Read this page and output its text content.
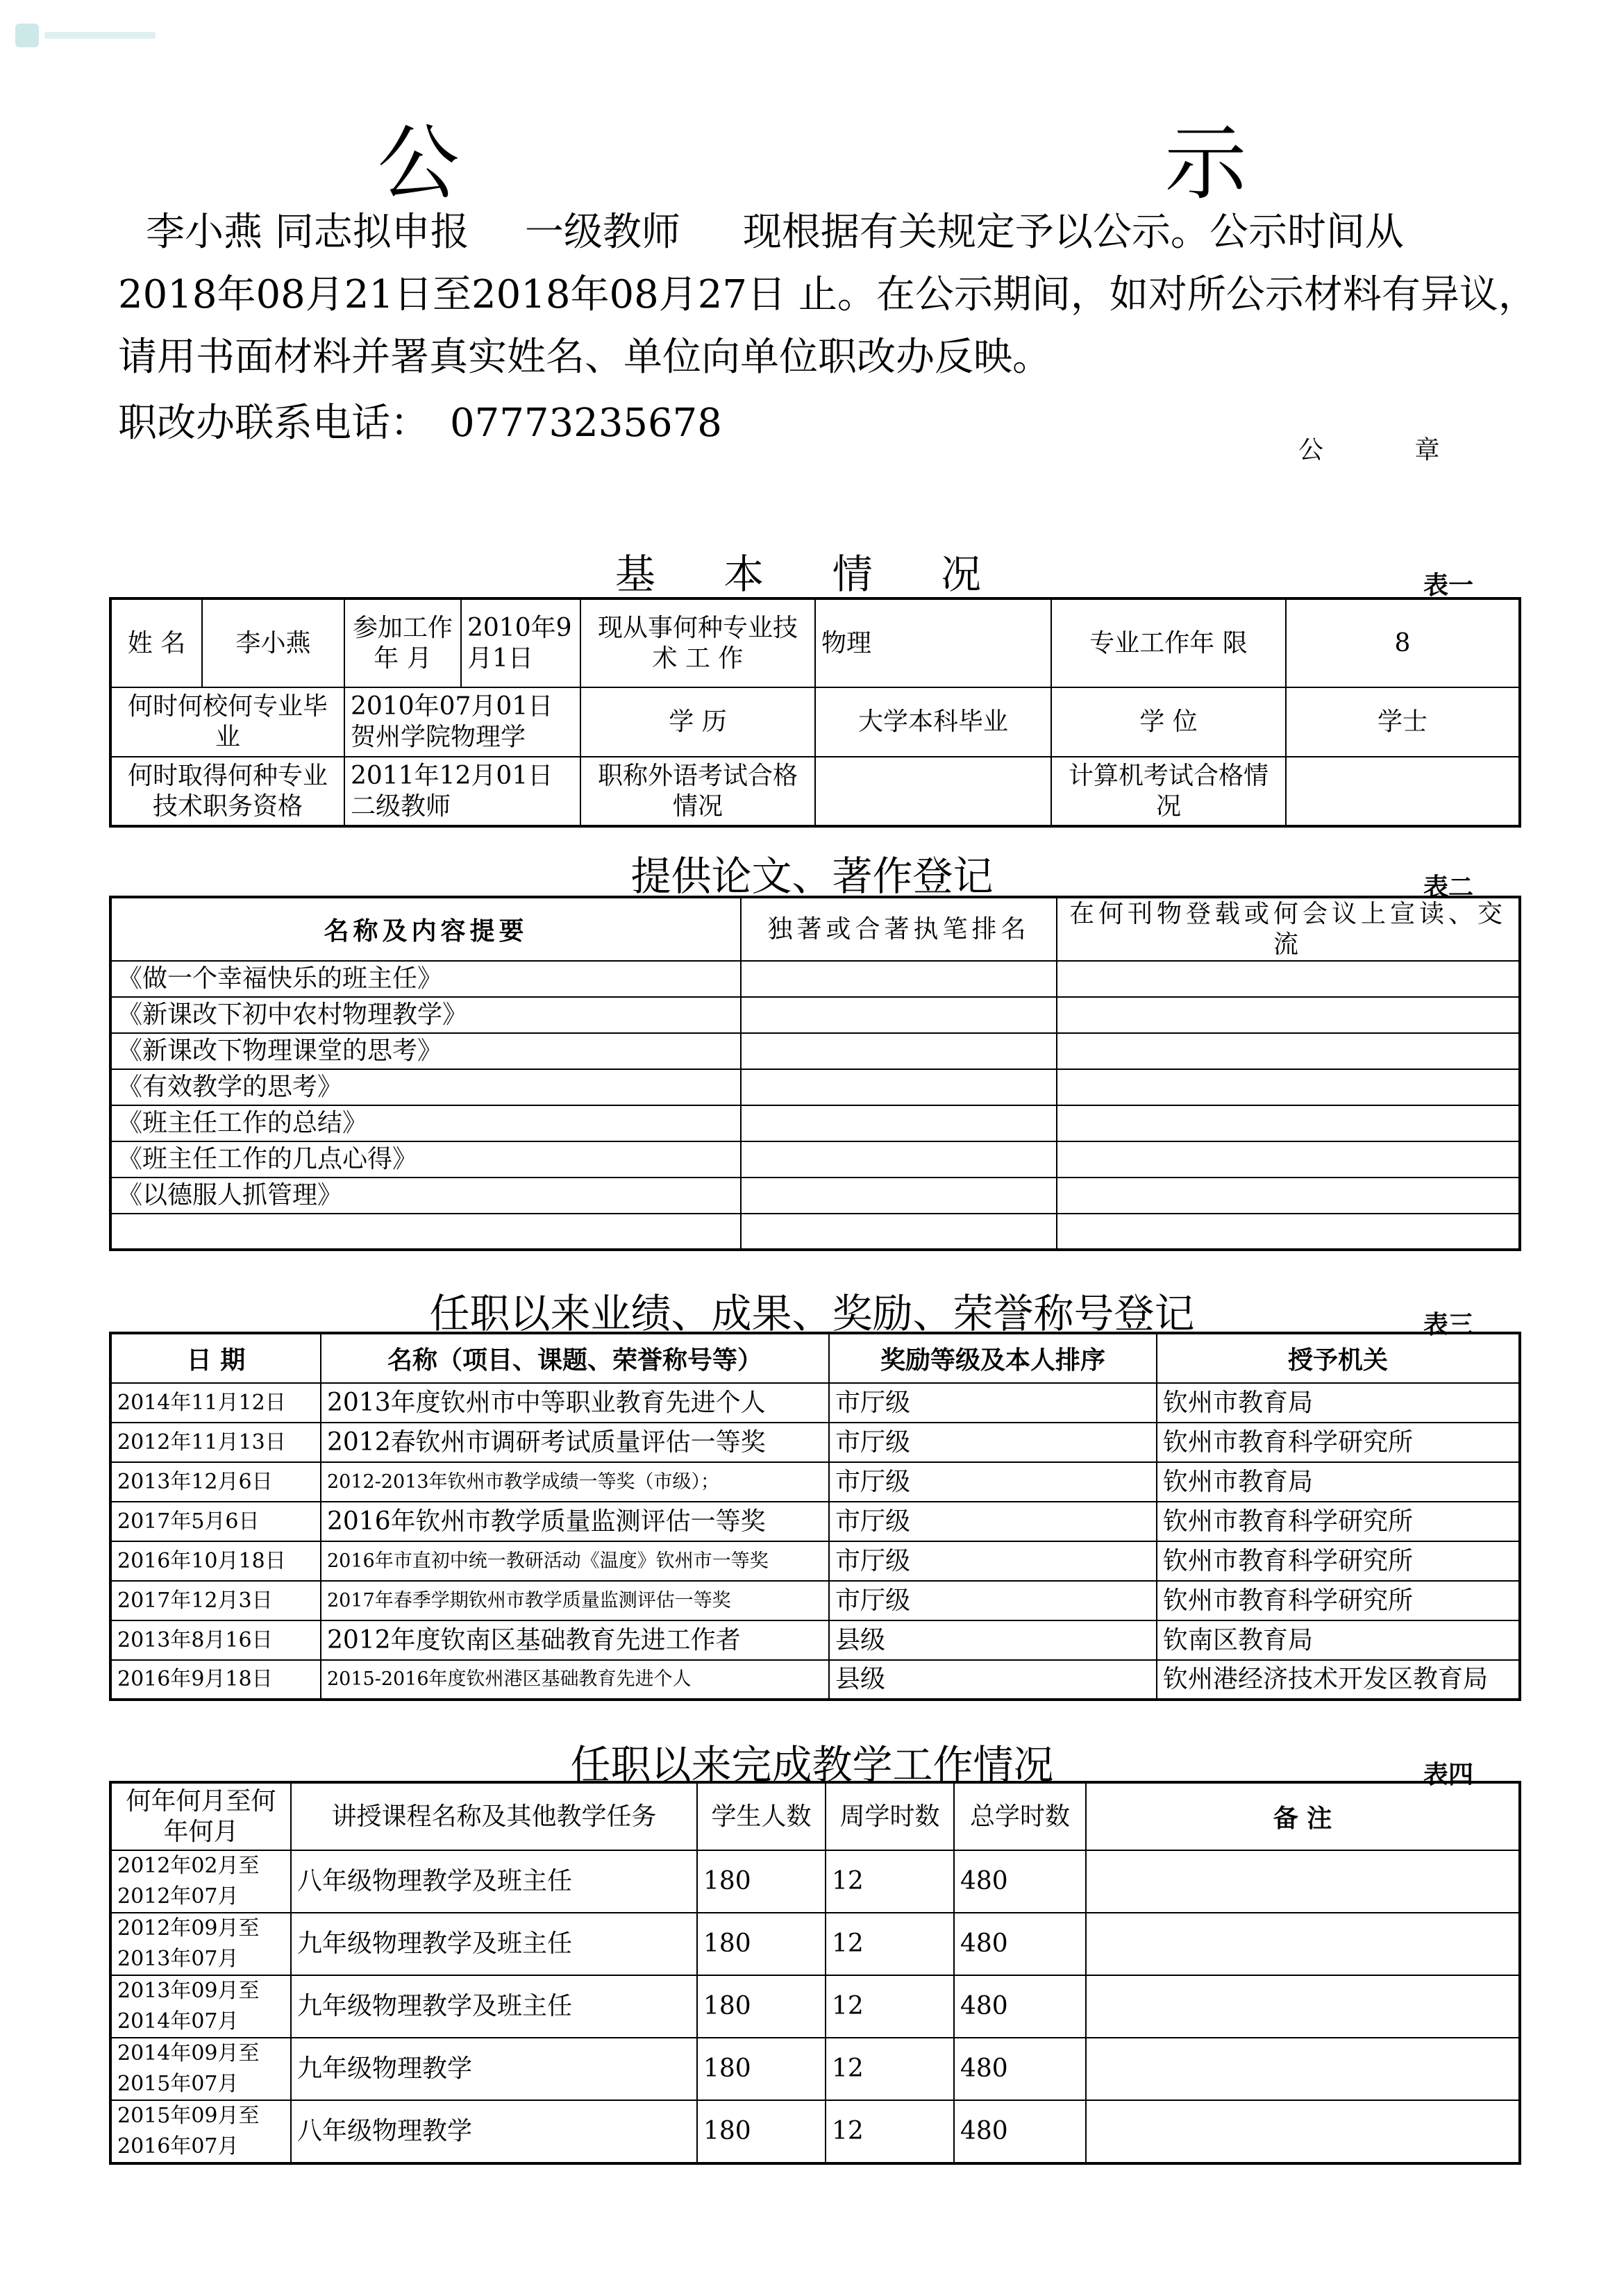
公　　示
李小燕 同志拟申报 一级教师 现根据有关规定予以公示。公示时间从
2018年08月21日至2018年08月27日 止。在公示期间，如对所公示材料有异议，
请用书面材料并署真实姓名、单位向单位职改办反映。
职改办联系电话： 07773235678
公 章
基 本 情 况	表一
姓 名	李小燕	参加工作年 月	2010年9月1日	现从事何种专业技 术 工 作	物理	专业工作年 限	8
何时何校何专业毕 业		2010年07月01日贺州学院物理学		学 历	大学本科毕业	学 位	学士
何时取得何种专业技术职务资格		2011年12月01日二级教师		职称外语考试合格情况		计算机考试合格情况	
提供论文、著作登记	表二
名称及内容提要	独著或合著执笔排名	在何刊物登载或何会议上宣读、交流
《做一个幸福快乐的班主任》		
《新课改下初中农村物理教学》		
《新课改下物理课堂的思考》		
《有效教学的思考》		
《班主任工作的总结》		
《班主任工作的几点心得》		
《以德服人抓管理》		

任职以来业绩、成果、奖励、荣誉称号登记	表三
日 期	名称（项目、课题、荣誉称号等）	奖励等级及本人排序	授予机关
2014年11月12日	2013年度钦州市中等职业教育先进个人	市厅级	钦州市教育局
2012年11月13日	2012春钦州市调研考试质量评估一等奖	市厅级	钦州市教育科学研究所
2013年12月6日	2012-2013年钦州市教学成绩一等奖（市级）；	市厅级	钦州市教育局
2017年5月6日	2016年钦州市教学质量监测评估一等奖	市厅级	钦州市教育科学研究所
2016年10月18日	2016年市直初中统一教研活动《温度》钦州市一等奖	市厅级	钦州市教育科学研究所
2017年12月3日	2017年春季学期钦州市教学质量监测评估一等奖	市厅级	钦州市教育科学研究所
2013年8月16日	2012年度钦南区基础教育先进工作者	县级	钦南区教育局
2016年9月18日	2015-2016年度钦州港区基础教育先进个人	县级	钦州港经济技术开发区教育局
任职以来完成教学工作情况	表四
何年何月至何年何月	讲授课程名称及其他教学任务	学生人数	周学时数	总学时数	备 注
2012年02月至2012年07月	八年级物理教学及班主任	180	12	480	
2012年09月至2013年07月	九年级物理教学及班主任	180	12	480	
2013年09月至2014年07月	九年级物理教学及班主任	180	12	480	
2014年09月至2015年07月	九年级物理教学	180	12	480	
2015年09月至2016年07月	八年级物理教学	180	12	480	
